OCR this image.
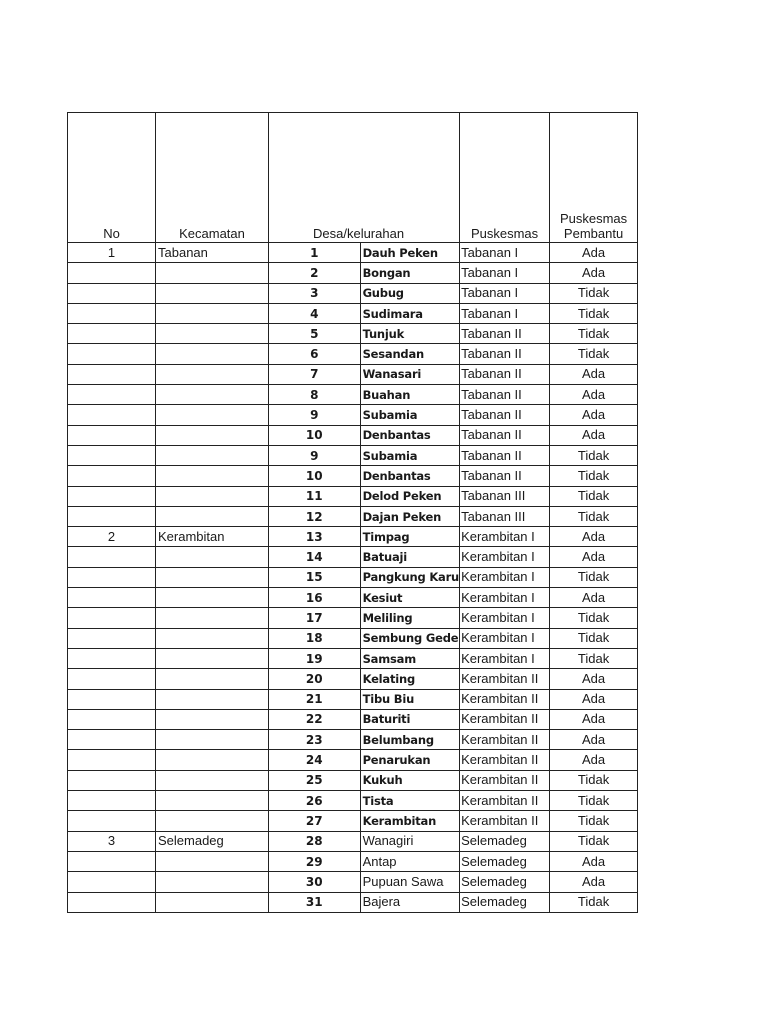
No	Kecamatan	Desa/kelurahan		Puskesmas	Puskesmas
Pembantu

1	Tabanan	1	Dauh Peken	Tabanan I	Ada
		2	Bongan	Tabanan I	Ada
		3	Gubug	Tabanan I	Tidak
		4	Sudimara	Tabanan I	Tidak
		5	Tunjuk	Tabanan II	Tidak
		6	Sesandan	Tabanan II	Tidak
		7	Wanasari	Tabanan II	Ada
		8	Buahan	Tabanan II	Ada
		9	Subamia	Tabanan II	Ada
		10	Denbantas	Tabanan II	Ada
		9	Subamia	Tabanan II	Tidak
		10	Denbantas	Tabanan II	Tidak
		11	Delod Peken	Tabanan III	Tidak
		12	Dajan Peken	Tabanan III	Tidak
2	Kerambitan	13	Timpag	Kerambitan I	Ada
		14	Batuaji	Kerambitan I	Ada
		15	Pangkung Karu	Kerambitan I	Tidak
		16	Kesiut	Kerambitan I	Ada
		17	Meliling	Kerambitan I	Tidak
		18	Sembung Gede	Kerambitan I	Tidak
		19	Samsam	Kerambitan I	Tidak
		20	Kelating	Kerambitan II	Ada
		21	Tibu Biu	Kerambitan II	Ada
		22	Baturiti	Kerambitan II	Ada
		23	Belumbang	Kerambitan II	Ada
		24	Penarukan	Kerambitan II	Ada
		25	Kukuh	Kerambitan II	Tidak
		26	Tista	Kerambitan II	Tidak
		27	Kerambitan	Kerambitan II	Tidak
3	Selemadeg	28	Wanagiri	Selemadeg	Tidak
		29	Antap	Selemadeg	Ada
		30	Pupuan Sawa	Selemadeg	Ada
		31	Bajera	Selemadeg	Tidak
